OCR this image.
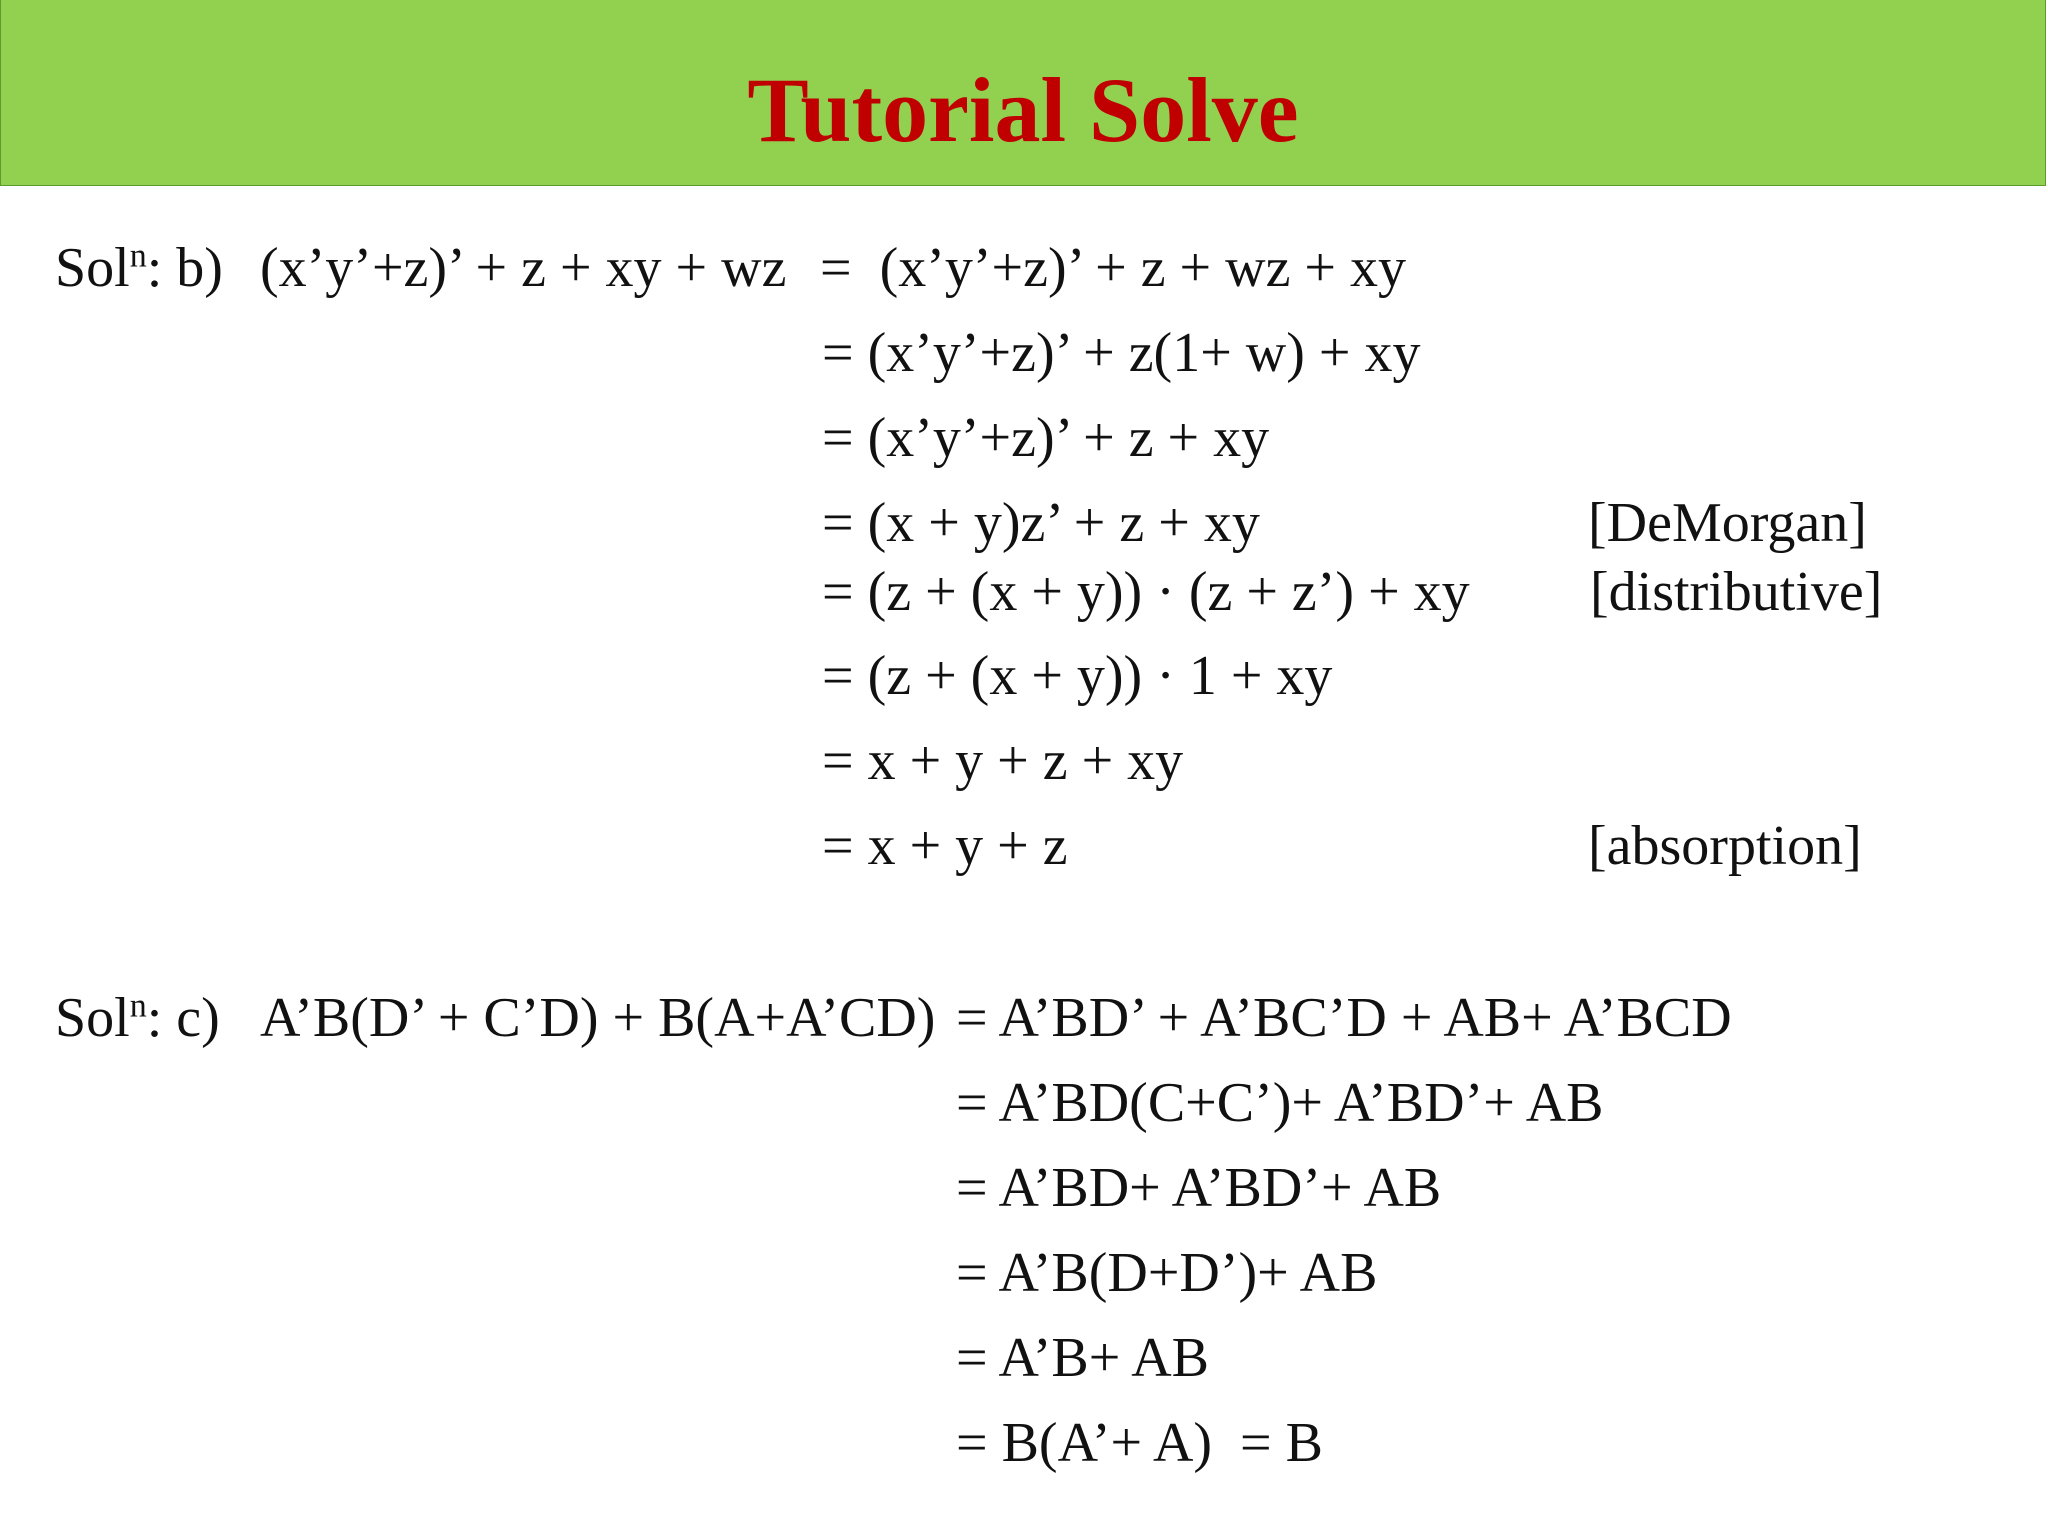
Tutorial Solve
Sol$^n$: b) (x’y’+z)’ + z + xy + wz =  (x’y’+z)’ + z + wz + xy
= (x’y’+z)’ + z(1+ w) + xy
= (x’y’+z)’ + z + xy
= (x + y)z’ + z + xy	[DeMorgan]
= (z + (x + y)) · (z + z’) + xy [distributive]
= (z + (x + y)) · 1 + xy
= x + y + z + xy
= x + y + z	[absorption]
Sol$^n$: c) A’B(D’ + C’D) + B(A+A’CD) = A’BD’ + A’BC’D + AB+ A’BCD
= A’BD(C+C’)+ A’BD’+ AB
= A’BD+ A’BD’+ AB
= A’B(D+D’)+ AB
= A’B+ AB
= B(A’+ A)  = B
